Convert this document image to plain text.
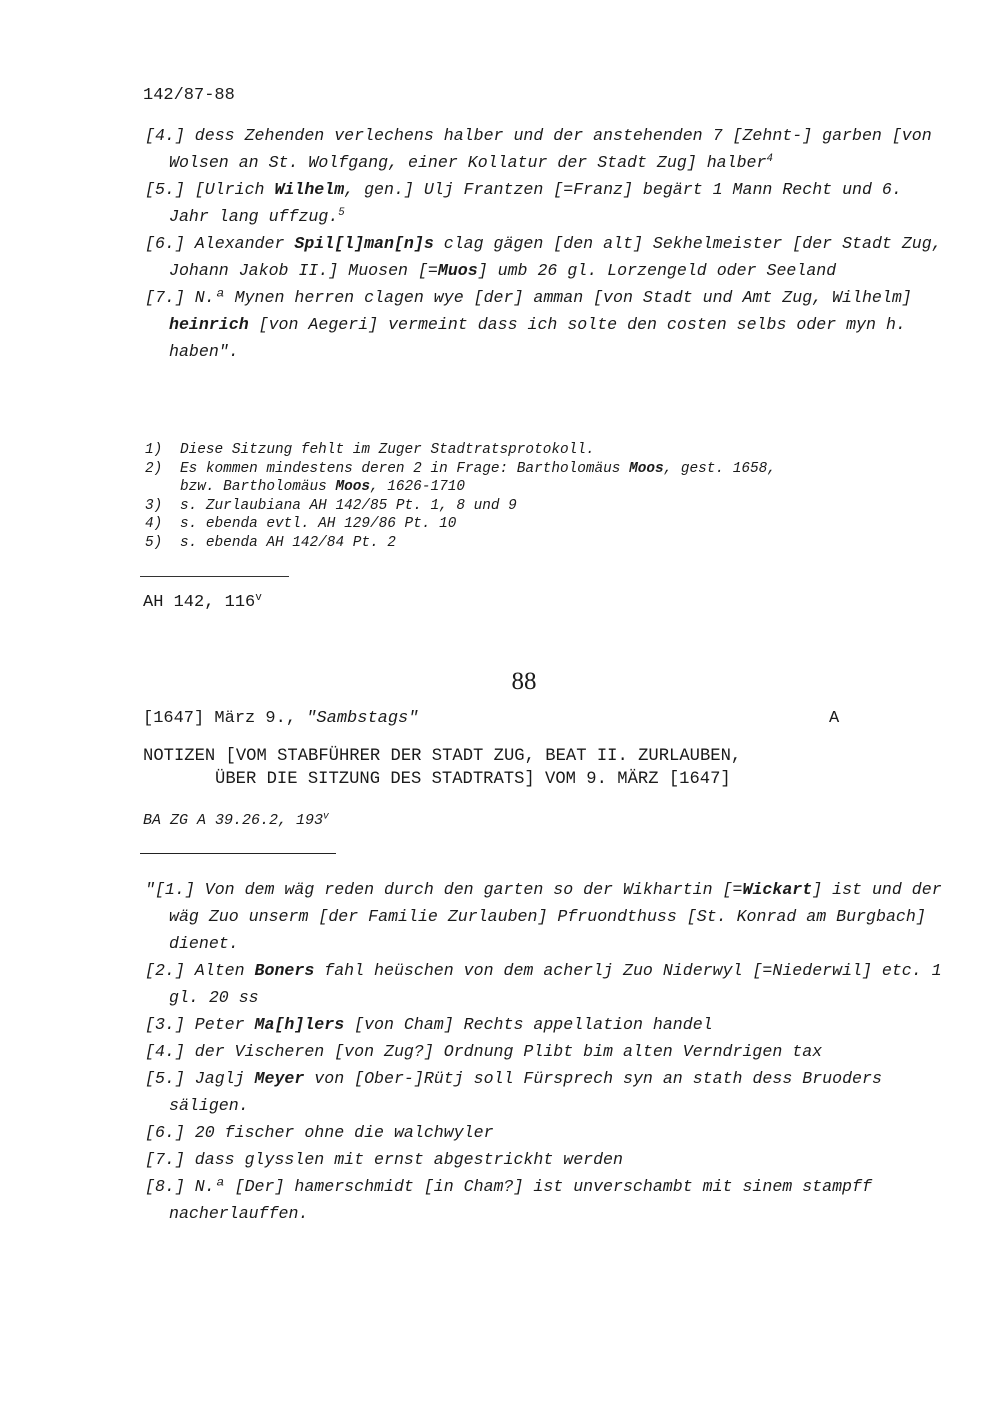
142/87-88

[4.] dess Zehenden verlechens halber und der anstehenden 7 [Zehnt-] garben [von Wolsen an St. Wolfgang, einer Kollatur der Stadt Zug] halber$^4$

[5.] [Ulrich Wilhelm, gen.] Ulj Frantzen [=Franz] begärt 1 Mann Recht und 6. Jahr lang uffzug.$^5$

[6.] Alexander Spil[l]man[n]s clag gägen [den alt] Sekhelmeister [der Stadt Zug, Johann Jakob II.] Muosen [=Muos] umb 26 gl. Lorzengeld oder Seeland

[7.] N.ª Mynen herren clagen wye [der] amman [von Stadt und Amt Zug, Wilhelm] heinrich [von Aegeri] vermeint dass ich solte den costen selbs oder myn h. haben".

1)	Diese Sitzung fehlt im Zuger Stadtratsprotokoll.
2)	Es kommen mindestens deren 2 in Frage: Bartholomäus Moos, gest. 1658,
bzw. Bartholomäus Moos, 1626-1710
3)	s. Zurlaubiana AH 142/85 Pt. 1, 8 und 9
4)	s. ebenda evtl. AH 129/86 Pt. 10
5)	s. ebenda AH 142/84 Pt. 2
AH 142, 116$^v$
88
[1647] März 9., "Sambstags"	A
NOTIZEN [VOM STABFÜHRER DER STADT ZUG, BEAT II. ZURLAUBEN,
ÜBER DIE SITZUNG DES STADTRATS] VOM 9. MÄRZ [1647]
BA ZG A 39.26.2, 193$^v$

"[1.] Von dem wäg reden durch den garten so der Wikhartin [=Wickart] ist und der wäg Zuo unserm [der Familie Zurlauben] Pfruondthuss [St. Konrad am Burgbach] dienet.

[2.] Alten Boners fahl heüschen von dem acherlj Zuo Niderwyl [=Niederwil] etc. 1 gl. 20 ss

[3.] Peter Ma[h]lers [von Cham] Rechts appellation handel

[4.] der Vischeren [von Zug?] Ordnung Plibt bim alten Verndrigen tax

[5.] Jaglj Meyer von [Ober-]Rütj soll Fürsprech syn an stath dess Bruoders säligen.

[6.] 20 fischer ohne die walchwyler

[7.] dass glysslen mit ernst abgestrickht werden

[8.] N.ª [Der] hamerschmidt [in Cham?] ist unverschambt mit sinem stampff nacherlauffen.
